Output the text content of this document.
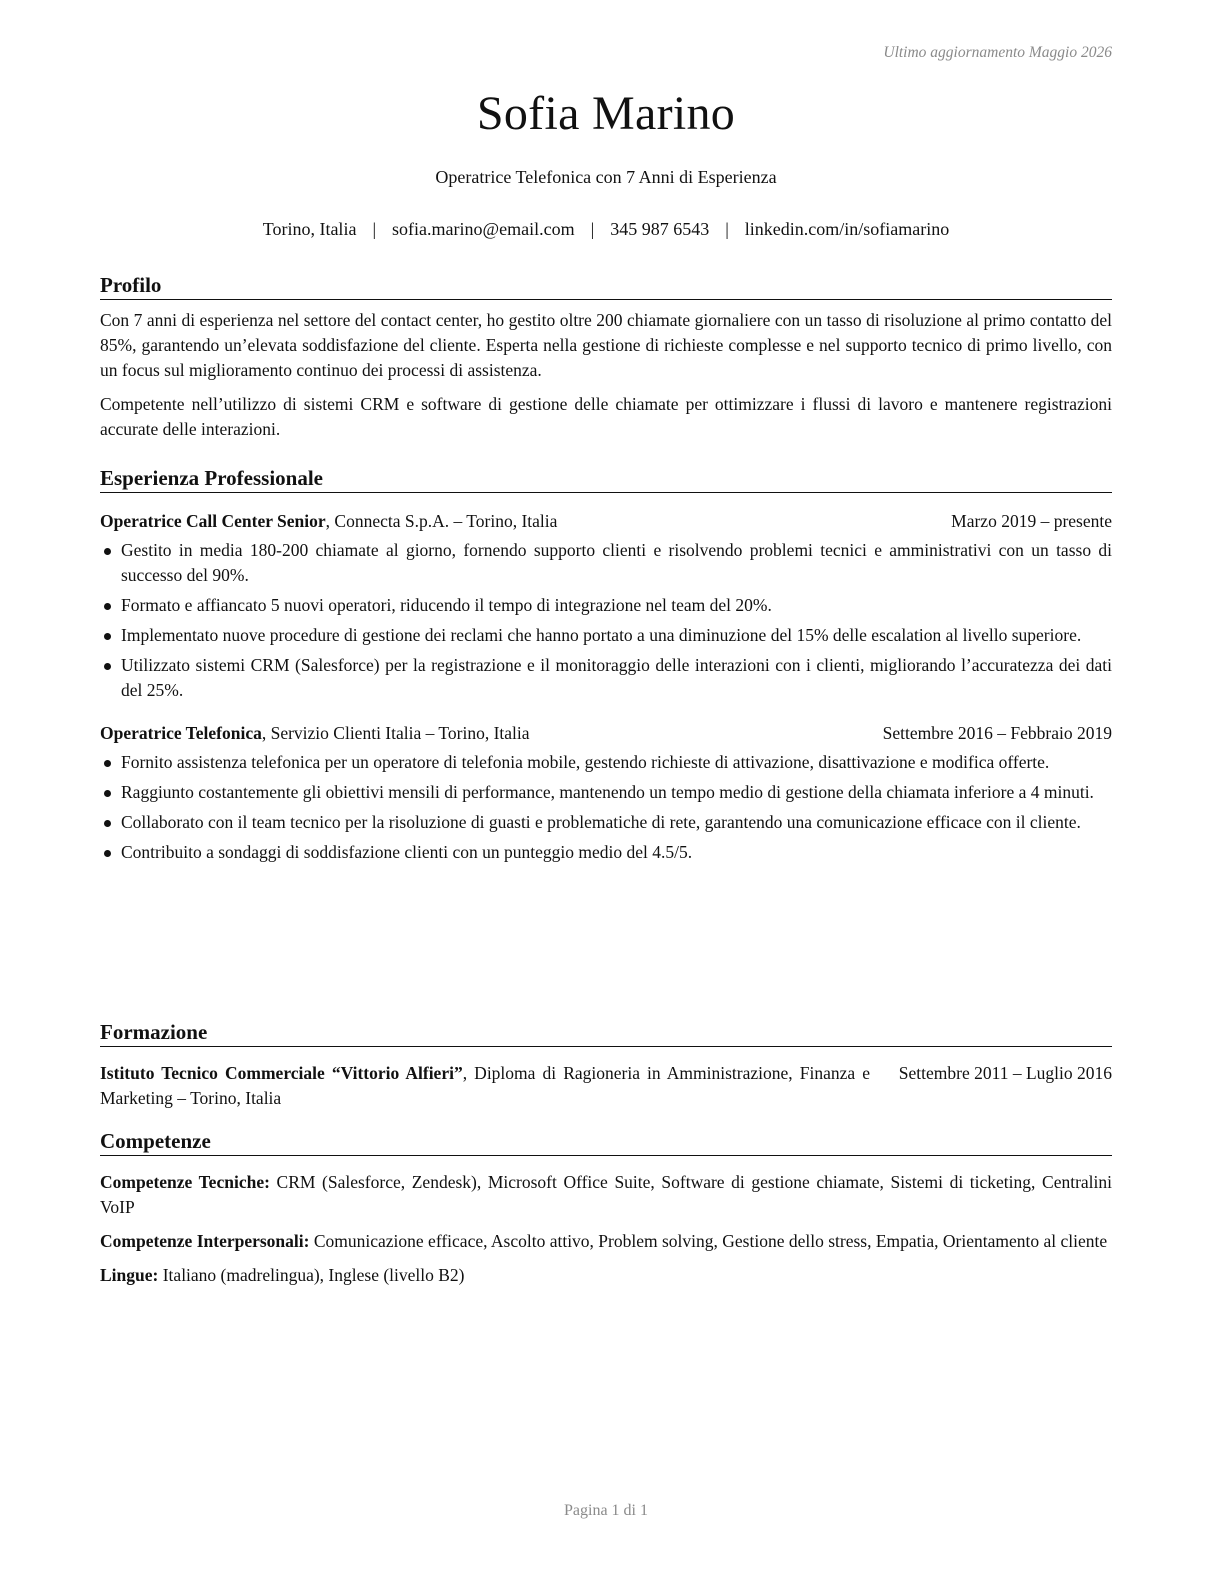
Ultimo aggiornamento Maggio 2026
Sofia Marino
Operatrice Telefonica con 7 Anni di Esperienza
Torino, Italia | sofia.marino@email.com | 345 987 6543 | linkedin.com/in/sofiamarino
Profilo

Con 7 anni di esperienza nel settore del contact center, ho gestito oltre 200 chiamate giornaliere con un tasso di risoluzione al primo contatto del 85%, garantendo un’elevata soddisfazione del cliente. Esperta nella gestione di richieste complesse e nel supporto tecnico di primo livello, con un focus sul miglioramento continuo dei processi di assistenza.

Competente nell’utilizzo di sistemi CRM e software di gestione delle chiamate per ottimizzare i flussi di lavoro e mantenere registrazioni accurate delle interazioni.

Esperienza Professionale
Operatrice Call Center Senior, Connecta S.p.A. – Torino, Italia	Marzo 2019 – presente
Gestito in media 180-200 chiamate al giorno, fornendo supporto clienti e risolvendo problemi tecnici e amministrativi con un tasso di successo del 90%.
Formato e affiancato 5 nuovi operatori, riducendo il tempo di integrazione nel team del 20%.
Implementato nuove procedure di gestione dei reclami che hanno portato a una diminuzione del 15% delle escalation al livello superiore.
Utilizzato sistemi CRM (Salesforce) per la registrazione e il monitoraggio delle interazioni con i clienti, migliorando l’accuratezza dei dati del 25%.
Operatrice Telefonica, Servizio Clienti Italia – Torino, Italia	Settembre 2016 – Febbraio 2019
Fornito assistenza telefonica per un operatore di telefonia mobile, gestendo richieste di attivazione, disattivazione e modifica offerte.
Raggiunto costantemente gli obiettivi mensili di performance, mantenendo un tempo medio di gestione della chiamata inferiore a 4 minuti.
Collaborato con il team tecnico per la risoluzione di guasti e problematiche di rete, garantendo una comunicazione efficace con il cliente.
Contribuito a sondaggi di soddisfazione clienti con un punteggio medio del 4.5/5.
Formazione
Istituto Tecnico Commerciale “Vittorio Alfieri”, Diploma di Ragioneria in Amministrazione, Finanza e Marketing – Torino, Italia
Settembre 2011 – Luglio 2016
Competenze

Competenze Tecniche: CRM (Salesforce, Zendesk), Microsoft Office Suite, Software di gestione chiamate, Sistemi di ticketing, Centralini VoIP

Competenze Interpersonali: Comunicazione efficace, Ascolto attivo, Problem solving, Gestione dello stress, Empatia, Orientamento al cliente

Lingue: Italiano (madrelingua), Inglese (livello B2)

Pagina 1 di 1
